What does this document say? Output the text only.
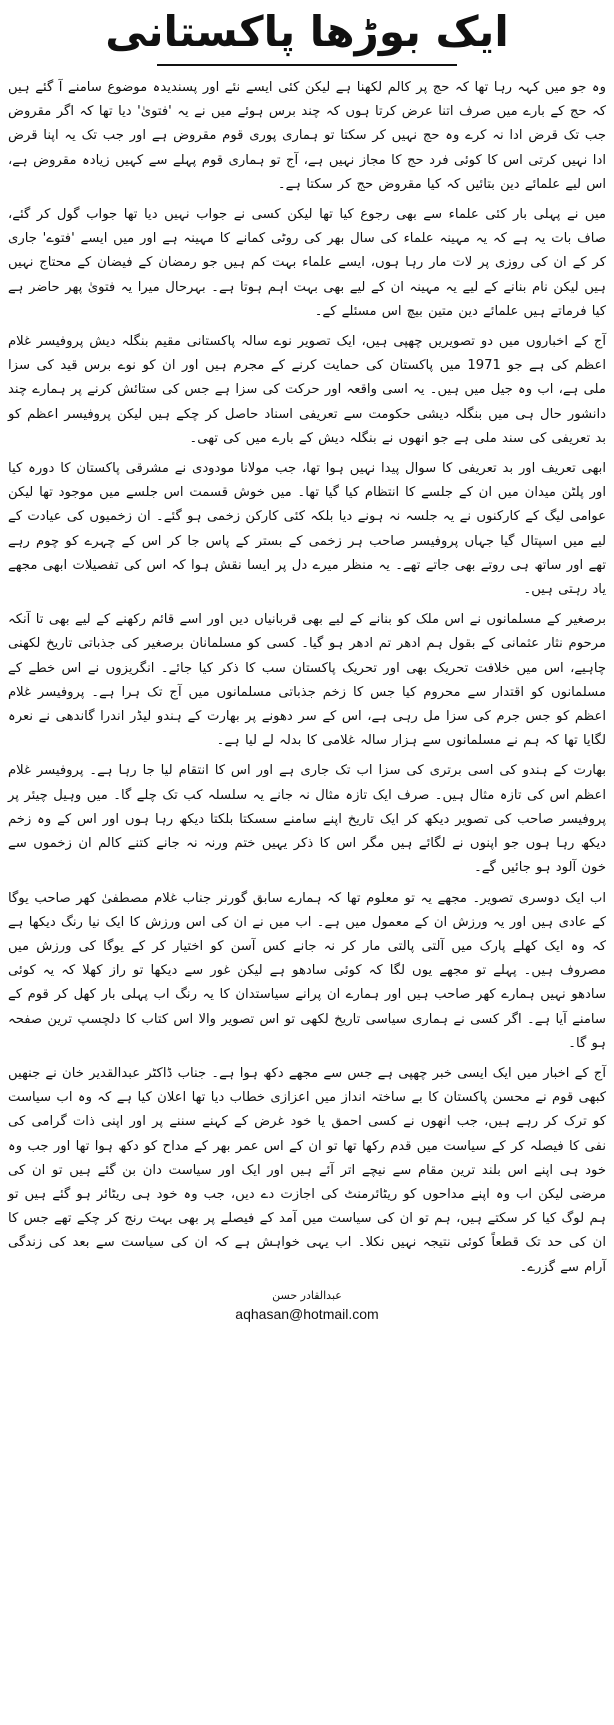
ایک بوڑھا پاکستانی

وہ جو میں کہہ رہا تھا کہ حج پر کالم لکھنا ہے لیکن کئی ایسے نئے اور پسندیدہ موضوع سامنے آ گئے ہیں کہ حج کے بارے میں صرف اتنا عرض کرتا ہوں کہ چند برس ہوئے میں نے یہ 'فتویٰ' دیا تھا کہ اگر مقروض جب تک قرض ادا نہ کرے وہ حج نہیں کر سکتا تو ہماری پوری قوم مقروض ہے اور جب تک یہ اپنا قرض ادا نہیں کرتی اس کا کوئی فرد حج کا مجاز نہیں ہے، آج تو ہماری قوم پہلے سے کہیں زیادہ مقروض ہے، اس لیے علمائے دین بتائیں کہ کیا مقروض حج کر سکتا ہے۔

میں نے پہلی بار کئی علماء سے بھی رجوع کیا تھا لیکن کسی نے جواب نہیں دیا تھا جواب گول کر گئے، صاف بات یہ ہے کہ یہ مہینہ علماء کی سال بھر کی روٹی کمانے کا مہینہ ہے اور میں ایسے 'فتوے' جاری کر کے ان کی روزی پر لات مار رہا ہوں، ایسے علماء بہت کم ہیں جو رمضان کے فیضان کے محتاج نہیں ہیں لیکن نام بنانے کے لیے یہ مہینہ ان کے لیے بھی بہت اہم ہوتا ہے۔ بہرحال میرا یہ فتویٰ پھر حاضر ہے کیا فرماتے ہیں علمائے دین متین بیچ اس مسئلے کے۔

آج کے اخباروں میں دو تصویریں چھپی ہیں، ایک تصویر نوے سالہ پاکستانی مقیم بنگلہ دیش پروفیسر غلام اعظم کی ہے جو 1971 میں پاکستان کی حمایت کرنے کے مجرم ہیں اور ان کو نوے برس قید کی سزا ملی ہے، اب وہ جیل میں ہیں۔ یہ اسی واقعہ اور حرکت کی سزا ہے جس کی ستائش کرنے پر ہمارے چند دانشور حال ہی میں بنگلہ دیشی حکومت سے تعریفی اسناد حاصل کر چکے ہیں لیکن پروفیسر اعظم کو بد تعریفی کی سند ملی ہے جو انھوں نے بنگلہ دیش کے بارے میں کی تھی۔

ابھی تعریف اور بد تعریفی کا سوال پیدا نہیں ہوا تھا، جب مولانا مودودی نے مشرقی پاکستان کا دورہ کیا اور پلٹن میدان میں ان کے جلسے کا انتظام کیا گیا تھا۔ میں خوش قسمت اس جلسے میں موجود تھا لیکن عوامی لیگ کے کارکنوں نے یہ جلسہ نہ ہونے دیا بلکہ کئی کارکن زخمی ہو گئے۔ ان زخمیوں کی عیادت کے لیے میں اسپتال گیا جہاں پروفیسر صاحب ہر زخمی کے بستر کے پاس جا کر اس کے چہرے کو چوم رہے تھے اور ساتھ ہی روتے بھی جاتے تھے۔ یہ منظر میرے دل پر ایسا نقش ہوا کہ اس کی تفصیلات ابھی مجھے یاد رہتی ہیں۔

برصغیر کے مسلمانوں نے اس ملک کو بنانے کے لیے بھی قربانیاں دیں اور اسے قائم رکھنے کے لیے بھی تا آنکہ مرحوم نثار عثمانی کے بقول ہم ادھر تم ادھر ہو گیا۔ کسی کو مسلمانان برصغیر کی جذباتی تاریخ لکھنی چاہیے، اس میں خلافت تحریک بھی اور تحریک پاکستان سب کا ذکر کیا جائے۔ انگریزوں نے اس خطے کے مسلمانوں کو اقتدار سے محروم کیا جس کا زخم جذباتی مسلمانوں میں آج تک ہرا ہے۔ پروفیسر غلام اعظم کو جس جرم کی سزا مل رہی ہے، اس کے سر دھونے پر بھارت کے ہندو لیڈر اندرا گاندھی نے نعرہ لگایا تھا کہ ہم نے مسلمانوں سے ہزار سالہ غلامی کا بدلہ لے لیا ہے۔

بھارت کے ہندو کی اسی برتری کی سزا اب تک جاری ہے اور اس کا انتقام لیا جا رہا ہے۔ پروفیسر غلام اعظم اس کی تازہ مثال ہیں۔ صرف ایک تازہ مثال نہ جانے یہ سلسلہ کب تک چلے گا۔ میں وہیل چیئر پر پروفیسر صاحب کی تصویر دیکھ کر ایک تاریخ اپنے سامنے سسکتا بلکتا دیکھ رہا ہوں اور اس کے وہ زخم دیکھ رہا ہوں جو اپنوں نے لگائے ہیں مگر اس کا ذکر یہیں ختم ورنہ نہ جانے کتنے کالم ان زخموں سے خون آلود ہو جائیں گے۔

اب ایک دوسری تصویر۔ مجھے یہ تو معلوم تھا کہ ہمارے سابق گورنر جناب غلام مصطفیٰ کھر صاحب یوگا کے عادی ہیں اور یہ ورزش ان کے معمول میں ہے۔ اب میں نے ان کی اس ورزش کا ایک نیا رنگ دیکھا ہے کہ وہ ایک کھلے پارک میں آلتی پالتی مار کر نہ جانے کس آسن کو اختیار کر کے یوگا کی ورزش میں مصروف ہیں۔ پہلے تو مجھے یوں لگا کہ کوئی سادھو ہے لیکن غور سے دیکھا تو راز کھلا کہ یہ کوئی سادھو نہیں ہمارے کھر صاحب ہیں اور ہمارے ان پرانے سیاستدان کا یہ رنگ اب پہلی بار کھل کر قوم کے سامنے آیا ہے۔ اگر کسی نے ہماری سیاسی تاریخ لکھی تو اس تصویر والا اس کتاب کا دلچسپ ترین صفحہ ہو گا۔

آج کے اخبار میں ایک ایسی خبر چھپی ہے جس سے مجھے دکھ ہوا ہے۔ جناب ڈاکٹر عبدالقدیر خان نے جنھیں کبھی قوم نے محسن پاکستان کا بے ساختہ انداز میں اعزازی خطاب دیا تھا اعلان کیا ہے کہ وہ اب سیاست کو ترک کر رہے ہیں، جب انھوں نے کسی احمق یا خود غرض کے کہنے سننے پر اور اپنی ذات گرامی کی نفی کا فیصلہ کر کے سیاست میں قدم رکھا تھا تو ان کے اس عمر بھر کے مداح کو دکھ ہوا تھا اور جب وہ خود ہی اپنے اس بلند ترین مقام سے نیچے اتر آئے ہیں اور ایک اور سیاست دان بن گئے ہیں تو ان کی مرضی لیکن اب وہ اپنے مداحوں کو ریٹائرمنٹ کی اجازت دے دیں، جب وہ خود ہی ریٹائر ہو گئے ہیں تو ہم لوگ کیا کر سکتے ہیں، ہم تو ان کی سیاست میں آمد کے فیصلے پر بھی بہت رنج کر چکے تھے جس کا ان کی حد تک قطعاً کوئی نتیجہ نہیں نکلا۔ اب یہی خواہش ہے کہ ان کی سیاست سے بعد کی زندگی آرام سے گزرے۔

عبدالقادر حسن
aqhasan@hotmail.com
